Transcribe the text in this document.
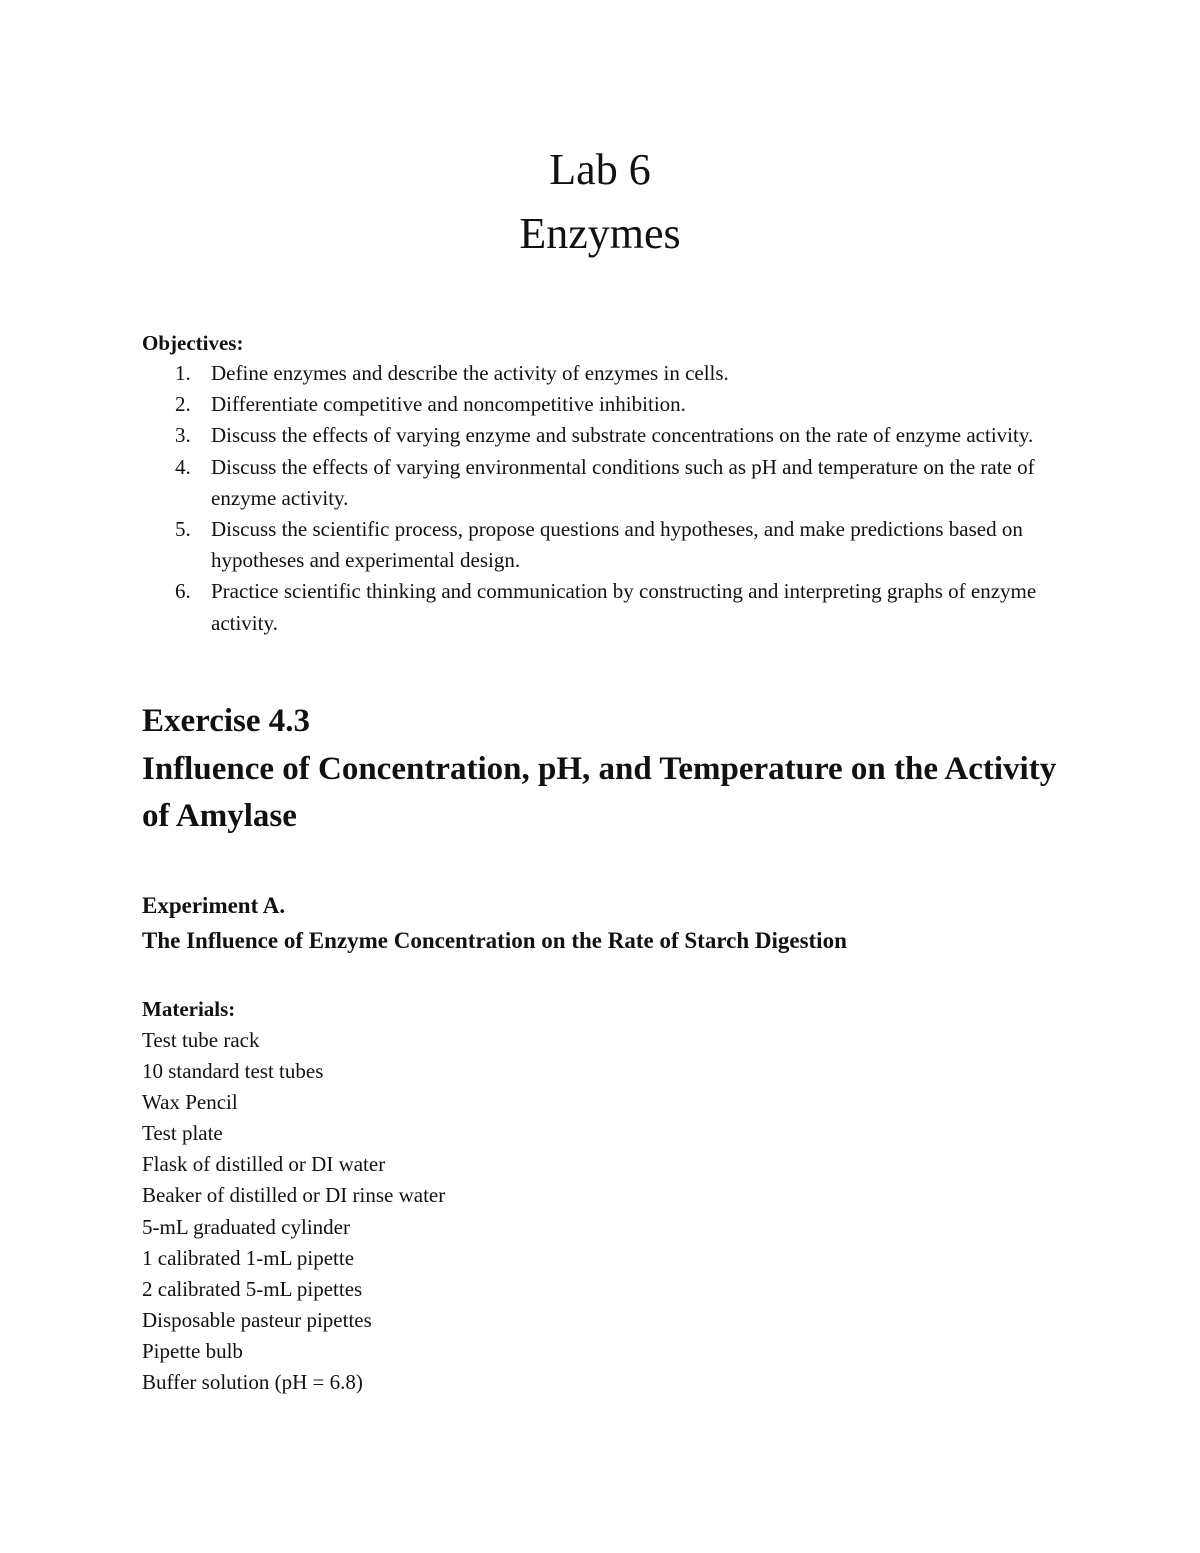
Lab 6
Enzymes

Objectives:

1. Define enzymes and describe the activity of enzymes in cells.
2. Differentiate competitive and noncompetitive inhibition.
3. Discuss the effects of varying enzyme and substrate concentrations on the rate of enzyme activity.
4. Discuss the effects of varying environmental conditions such as pH and temperature on the rate of enzyme activity.
5. Discuss the scientific process, propose questions and hypotheses, and make predictions based on hypotheses and experimental design.
6. Practice scientific thinking and communication by constructing and interpreting graphs of enzyme activity.
Exercise 4.3
Influence of Concentration, pH, and Temperature on the Activity of Amylase
Experiment A.
The Influence of Enzyme Concentration on the Rate of Starch Digestion

Materials:

Test tube rack
10 standard test tubes
Wax Pencil
Test plate
Flask of distilled or DI water
Beaker of distilled or DI rinse water
5-mL graduated cylinder
1 calibrated 1-mL pipette
2 calibrated 5-mL pipettes
Disposable pasteur pipettes
Pipette bulb
Buffer solution (pH = 6.8)
